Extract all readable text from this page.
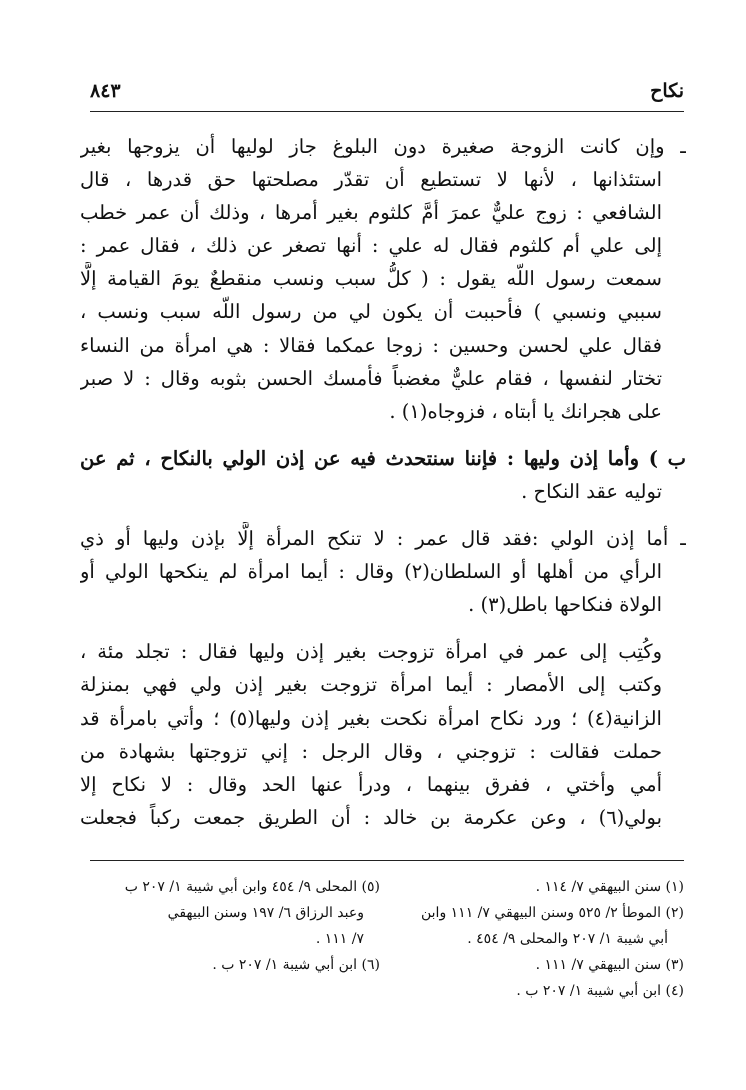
نكاح
٨٤٣
ـ وإن كانت الزوجة صغيرة دون البلوغ جاز لوليها أن يزوجها بغير
استئذانها ، لأنها لا تستطيع أن تقدّر مصلحتها حق قدرها ، قال
الشافعي : زوج عليٌّ عمرَ أمَّ كلثوم بغير أمرها ، وذلك أن عمر خطب
إلى علي أم كلثوم فقال له علي : أنها تصغر عن ذلك ، فقال عمر :
سمعت رسول اللّه يقول : ( كلُّ سبب ونسب منقطعٌ يومَ القيامة إلَّا
سببي ونسبي ) فأحببت أن يكون لي من رسول اللّه سبب ونسب ،
فقال علي لحسن وحسين : زوجا عمكما فقالا : هي امرأة من النساء
تختار لنفسها ، فقام عليٌّ مغضباً فأمسك الحسن بثوبه وقال : لا صبر
على هجرانك يا أبتاه ، فزوجاه(١) .
ب ) وأما إذن وليها : فإننا سنتحدث فيه عن إذن الولي بالنكاح ، ثم عن
توليه عقد النكاح .
ـ أما إذن الولي :فقد قال عمر : لا تنكح المرأة إلَّا بإذن وليها أو ذي
الرأي من أهلها أو السلطان(٢) وقال : أيما امرأة لم ينكحها الولي أو
الولاة فنكاحها باطل(٣) .
وكُتِب إلى عمر في امرأة تزوجت بغير إذن وليها فقال : تجلد مئة ،
وكتب إلى الأمصار : أيما امرأة تزوجت بغير إذن ولي فهي بمنزلة
الزانية(٤) ؛ ورد نكاح امرأة نكحت بغير إذن وليها(٥) ؛ وأتي بامرأة قد
حملت فقالت : تزوجني ، وقال الرجل : إني تزوجتها بشهادة من
أمي وأختي ، ففرق بينهما ، ودرأ عنها الحد وقال : لا نكاح إلا
بولي(٦) ، وعن عكرمة بن خالد : أن الطريق جمعت ركباً فجعلت
(١) سنن البيهقي ٧/ ١١٤ .
(٢) الموطأ ٢/ ٥٢٥ وسنن البيهقي ٧/ ١١١ وابن
أبي شيبة ١/ ٢٠٧ والمحلى ٩/ ٤٥٤ .
(٣) سنن البيهقي ٧/ ١١١ .
(٤) ابن أبي شيبة ١/ ٢٠٧ ب .
(٥) المحلى ٩/ ٤٥٤ وابن أبي شيبة ١/ ٢٠٧ ب
وعبد الرزاق ٦/ ١٩٧ وسنن البيهقي
٧/ ١١١ .
(٦) ابن أبي شيبة ١/ ٢٠٧ ب .
